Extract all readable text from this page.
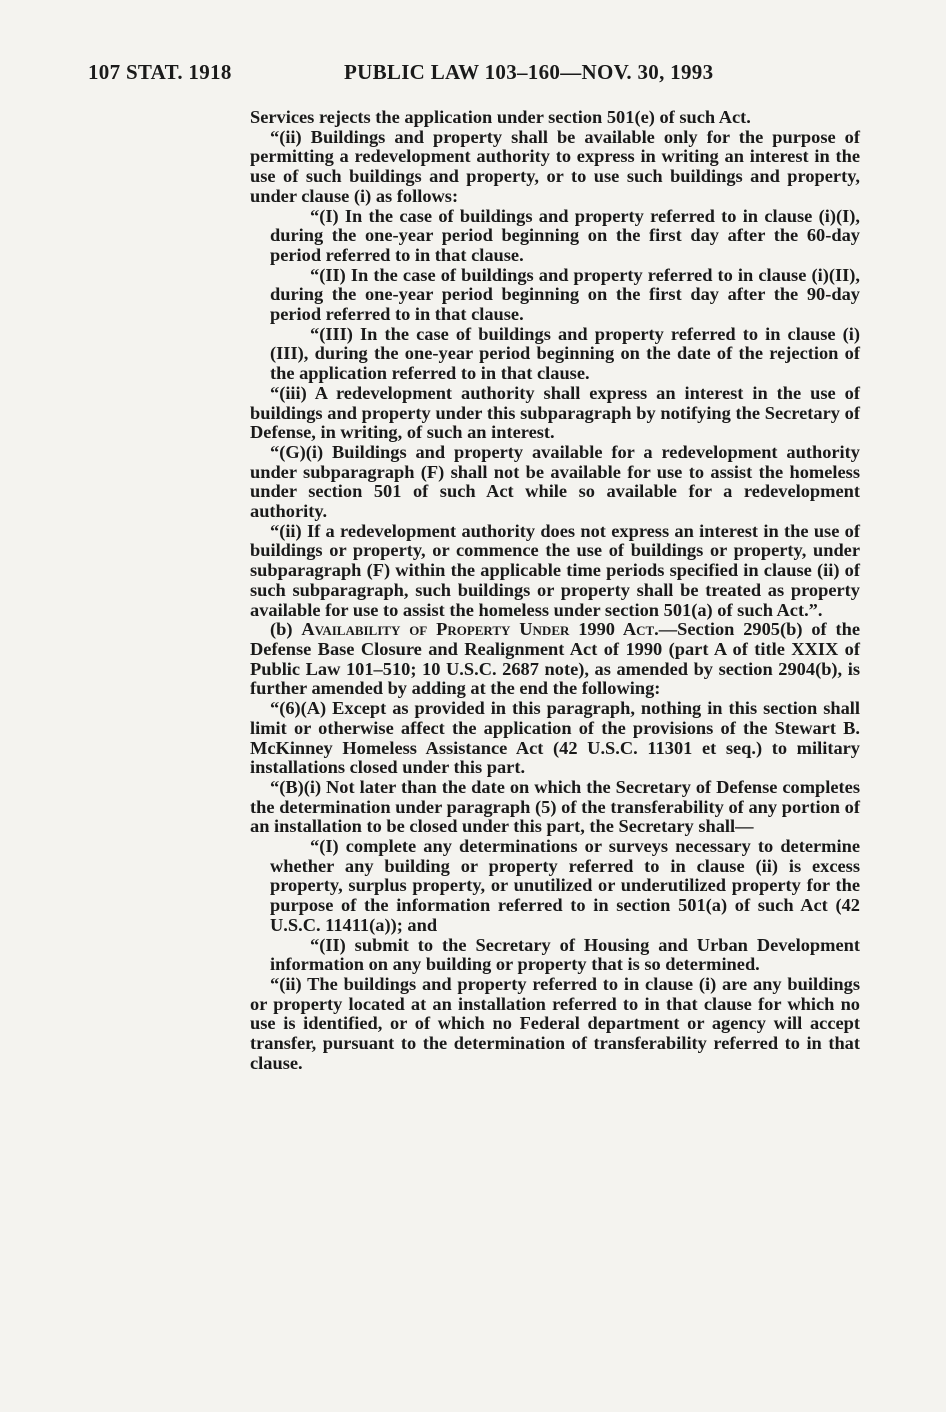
107 STAT. 1918	PUBLIC LAW 103–160—NOV. 30, 1993

Services rejects the application under section 501(e) of such Act.

“(ii) Buildings and property shall be available only for the purpose of permitting a redevelopment authority to express in writing an interest in the use of such buildings and property, or to use such buildings and property, under clause (i) as follows:

“(I) In the case of buildings and property referred to in clause (i)(I), during the one-year period beginning on the first day after the 60-day period referred to in that clause.

“(II) In the case of buildings and property referred to in clause (i)(II), during the one-year period beginning on the first day after the 90-day period referred to in that clause.

“(III) In the case of buildings and property referred to in clause (i)(III), during the one-year period beginning on the date of the rejection of the application referred to in that clause.

“(iii) A redevelopment authority shall express an interest in the use of buildings and property under this subparagraph by notifying the Secretary of Defense, in writing, of such an interest.

“(G)(i) Buildings and property available for a redevelopment authority under subparagraph (F) shall not be available for use to assist the homeless under section 501 of such Act while so available for a redevelopment authority.

“(ii) If a redevelopment authority does not express an interest in the use of buildings or property, or commence the use of buildings or property, under subparagraph (F) within the applicable time periods specified in clause (ii) of such subparagraph, such buildings or property shall be treated as property available for use to assist the homeless under section 501(a) of such Act.”.

(b) Availability of Property Under 1990 Act.—Section 2905(b) of the Defense Base Closure and Realignment Act of 1990 (part A of title XXIX of Public Law 101–510; 10 U.S.C. 2687 note), as amended by section 2904(b), is further amended by adding at the end the following:

“(6)(A) Except as provided in this paragraph, nothing in this section shall limit or otherwise affect the application of the provisions of the Stewart B. McKinney Homeless Assistance Act (42 U.S.C. 11301 et seq.) to military installations closed under this part.

“(B)(i) Not later than the date on which the Secretary of Defense completes the determination under paragraph (5) of the transferability of any portion of an installation to be closed under this part, the Secretary shall—

“(I) complete any determinations or surveys necessary to determine whether any building or property referred to in clause (ii) is excess property, surplus property, or unutilized or underutilized property for the purpose of the information referred to in section 501(a) of such Act (42 U.S.C. 11411(a)); and

“(II) submit to the Secretary of Housing and Urban Development information on any building or property that is so determined.

“(ii) The buildings and property referred to in clause (i) are any buildings or property located at an installation referred to in that clause for which no use is identified, or of which no Federal department or agency will accept transfer, pursuant to the determination of transferability referred to in that clause.
